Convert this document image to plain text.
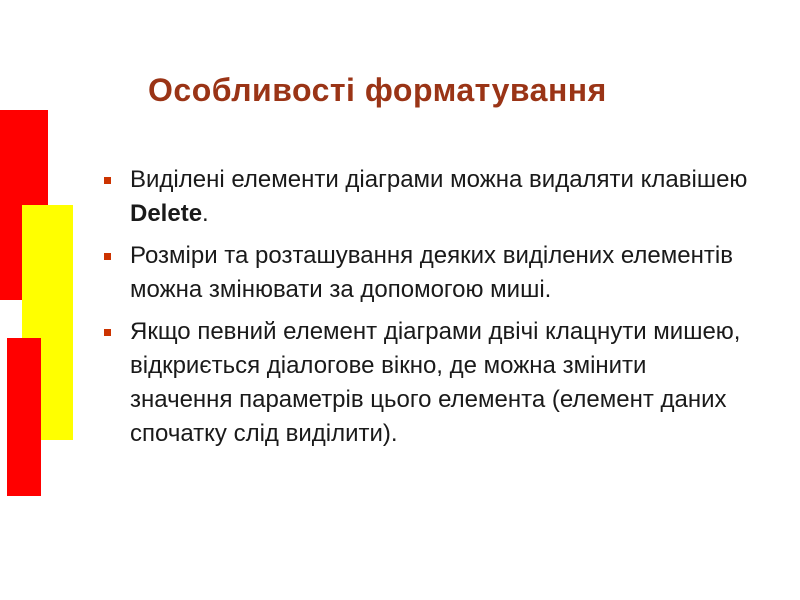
Особливості форматування
Виділені елементи діаграми можна видаляти клавішею Delete.
Розміри та розташування деяких виділених елементів можна змінювати за допомогою миші.
Якщо певний елемент діаграми двічі клацнути мишею, відкриється діалогове вікно, де можна змінити значення параметрів цього елемента (елемент даних спочатку слід виділити).
